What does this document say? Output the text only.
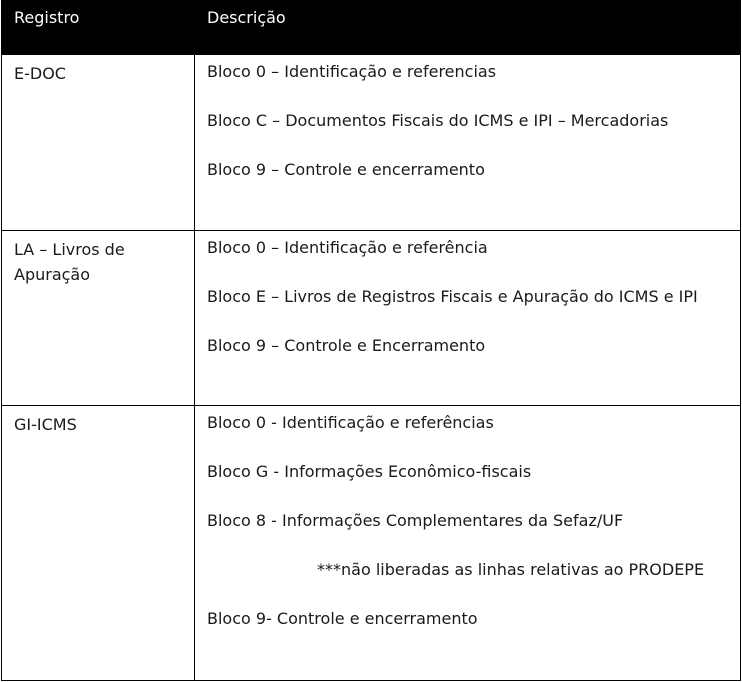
Registro	Descrição
E-DOC	Bloco 0 – Identificação e referencias

Bloco C – Documentos Fiscais do ICMS e IPI – Mercadorias

Bloco 9 – Controle e encerramento

LA – Livros de Apuração	Bloco 0 – Identificação e referência

Bloco E – Livros de Registros Fiscais e Apuração do ICMS e IPI

Bloco 9 – Controle e Encerramento

GI-ICMS	Bloco 0 - Identificação e referências

Bloco G - Informações Econômico-fiscais

Bloco 8 - Informações Complementares da Sefaz/UF

***não liberadas as linhas relativas ao PRODEPE

Bloco 9- Controle e encerramento
